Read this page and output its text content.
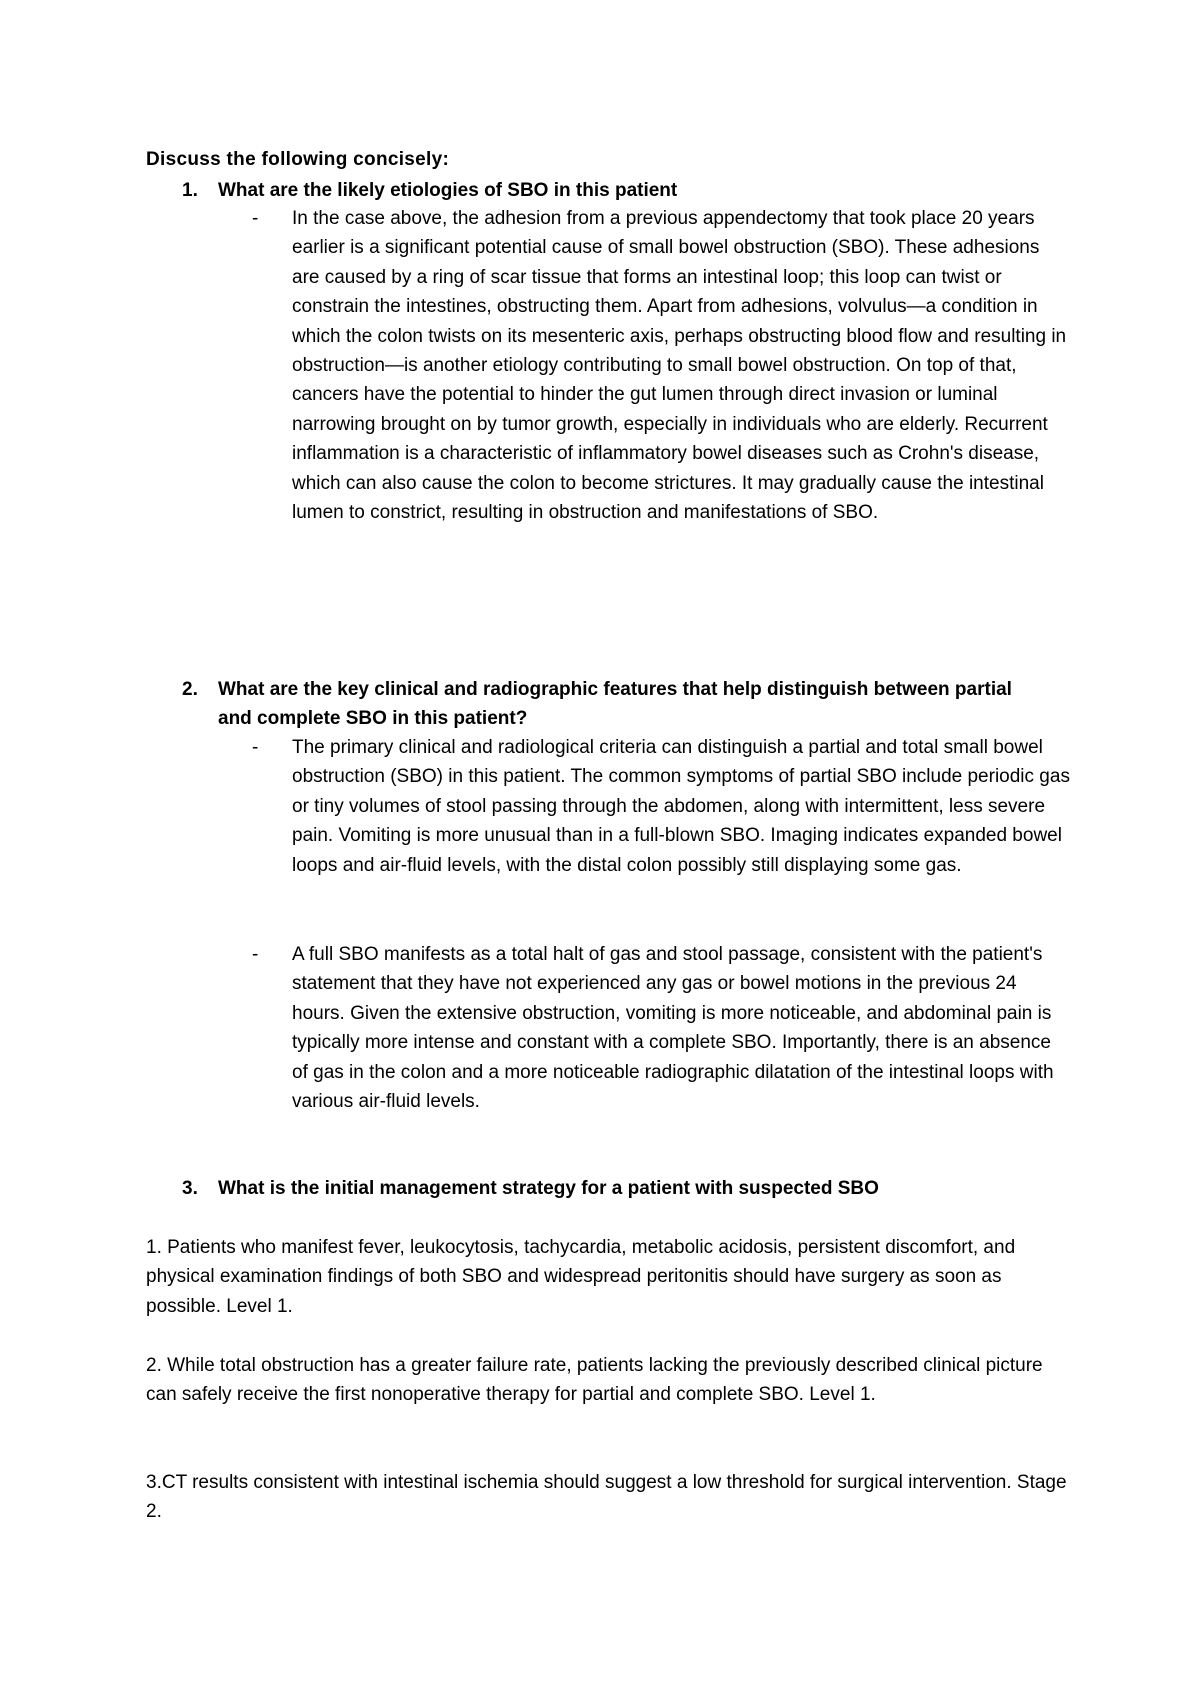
Discuss the following concisely:
1. What are the likely etiologies of SBO in this patient
- In the case above, the adhesion from a previous appendectomy that took place 20 years earlier is a significant potential cause of small bowel obstruction (SBO). These adhesions are caused by a ring of scar tissue that forms an intestinal loop; this loop can twist or constrain the intestines, obstructing them. Apart from adhesions, volvulus—a condition in which the colon twists on its mesenteric axis, perhaps obstructing blood flow and resulting in obstruction—is another etiology contributing to small bowel obstruction. On top of that, cancers have the potential to hinder the gut lumen through direct invasion or luminal narrowing brought on by tumor growth, especially in individuals who are elderly. Recurrent inflammation is a characteristic of inflammatory bowel diseases such as Crohn's disease, which can also cause the colon to become strictures. It may gradually cause the intestinal lumen to constrict, resulting in obstruction and manifestations of SBO.
2. What are the key clinical and radiographic features that help distinguish between partial and complete SBO in this patient?
- The primary clinical and radiological criteria can distinguish a partial and total small bowel obstruction (SBO) in this patient. The common symptoms of partial SBO include periodic gas or tiny volumes of stool passing through the abdomen, along with intermittent, less severe pain. Vomiting is more unusual than in a full-blown SBO. Imaging indicates expanded bowel loops and air-fluid levels, with the distal colon possibly still displaying some gas.
- A full SBO manifests as a total halt of gas and stool passage, consistent with the patient's statement that they have not experienced any gas or bowel motions in the previous 24 hours. Given the extensive obstruction, vomiting is more noticeable, and abdominal pain is typically more intense and constant with a complete SBO. Importantly, there is an absence of gas in the colon and a more noticeable radiographic dilatation of the intestinal loops with various air-fluid levels.
3. What is the initial management strategy for a patient with suspected SBO
1. Patients who manifest fever, leukocytosis, tachycardia, metabolic acidosis, persistent discomfort, and physical examination findings of both SBO and widespread peritonitis should have surgery as soon as possible. Level 1.
2. While total obstruction has a greater failure rate, patients lacking the previously described clinical picture can safely receive the first nonoperative therapy for partial and complete SBO. Level 1.
3.CT results consistent with intestinal ischemia should suggest a low threshold for surgical intervention. Stage 2.
